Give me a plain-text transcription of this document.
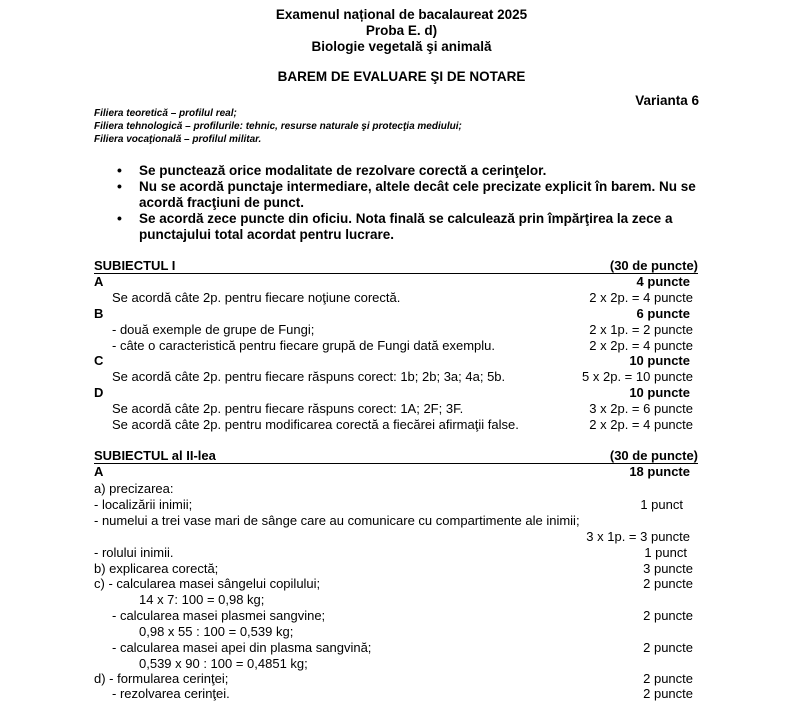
Examenul național de bacalaureat 2025
Proba E. d)
Biologie vegetală şi animală
BAREM DE EVALUARE ŞI DE NOTARE
Varianta 6
Filiera teoretică – profilul real;
Filiera tehnologică – profilurile: tehnic, resurse naturale şi protecţia mediului;
Filiera vocaţională – profilul militar.
• Se punctează orice modalitate de rezolvare corectă a cerinţelor.
• Nu se acordă punctaje intermediare, altele decât cele precizate explicit în barem. Nu se acordă fracţiuni de punct.
• Se acordă zece puncte din oficiu. Nota finală se calculează prin împărţirea la zece a punctajului total acordat pentru lucrare.
SUBIECTUL I	(30 de puncte)
A	4 puncte
Se acordă câte 2p. pentru fiecare noţiune corectă.	2 x 2p. = 4 puncte
B	6 puncte
- două exemple de grupe de Fungi;	2 x 1p. = 2 puncte
- câte o caracteristică pentru fiecare grupă de Fungi dată exemplu.	2 x 2p. = 4 puncte
C	10 puncte
Se acordă câte 2p. pentru fiecare răspuns corect: 1b; 2b; 3a; 4a; 5b.	5 x 2p. = 10 puncte
D	10 puncte
Se acordă câte 2p. pentru fiecare răspuns corect: 1A; 2F; 3F.	3 x 2p. = 6 puncte
Se acordă câte 2p. pentru modificarea corectă a fiecărei afirmaţii false.	2 x 2p. = 4 puncte
SUBIECTUL al II-lea	(30 de puncte)
A	18 puncte
a) precizarea:
- localizării inimii;	1 punct
- numelui a trei vase mari de sânge care au comunicare cu compartimente ale inimii;
3 x 1p. = 3 puncte
- rolului inimii.	1 punct
b) explicarea corectă;	3 puncte
c) - calcularea masei sângelui copilului;	2 puncte
14 x 7: 100 = 0,98 kg;
- calcularea masei plasmei sangvine;	2 puncte
0,98 x 55 : 100 = 0,539 kg;
- calcularea masei apei din plasma sangvină;	2 puncte
0,539 x 90 : 100 = 0,4851 kg;
d) - formularea cerinţei;	2 puncte
- rezolvarea cerinţei.	2 puncte
